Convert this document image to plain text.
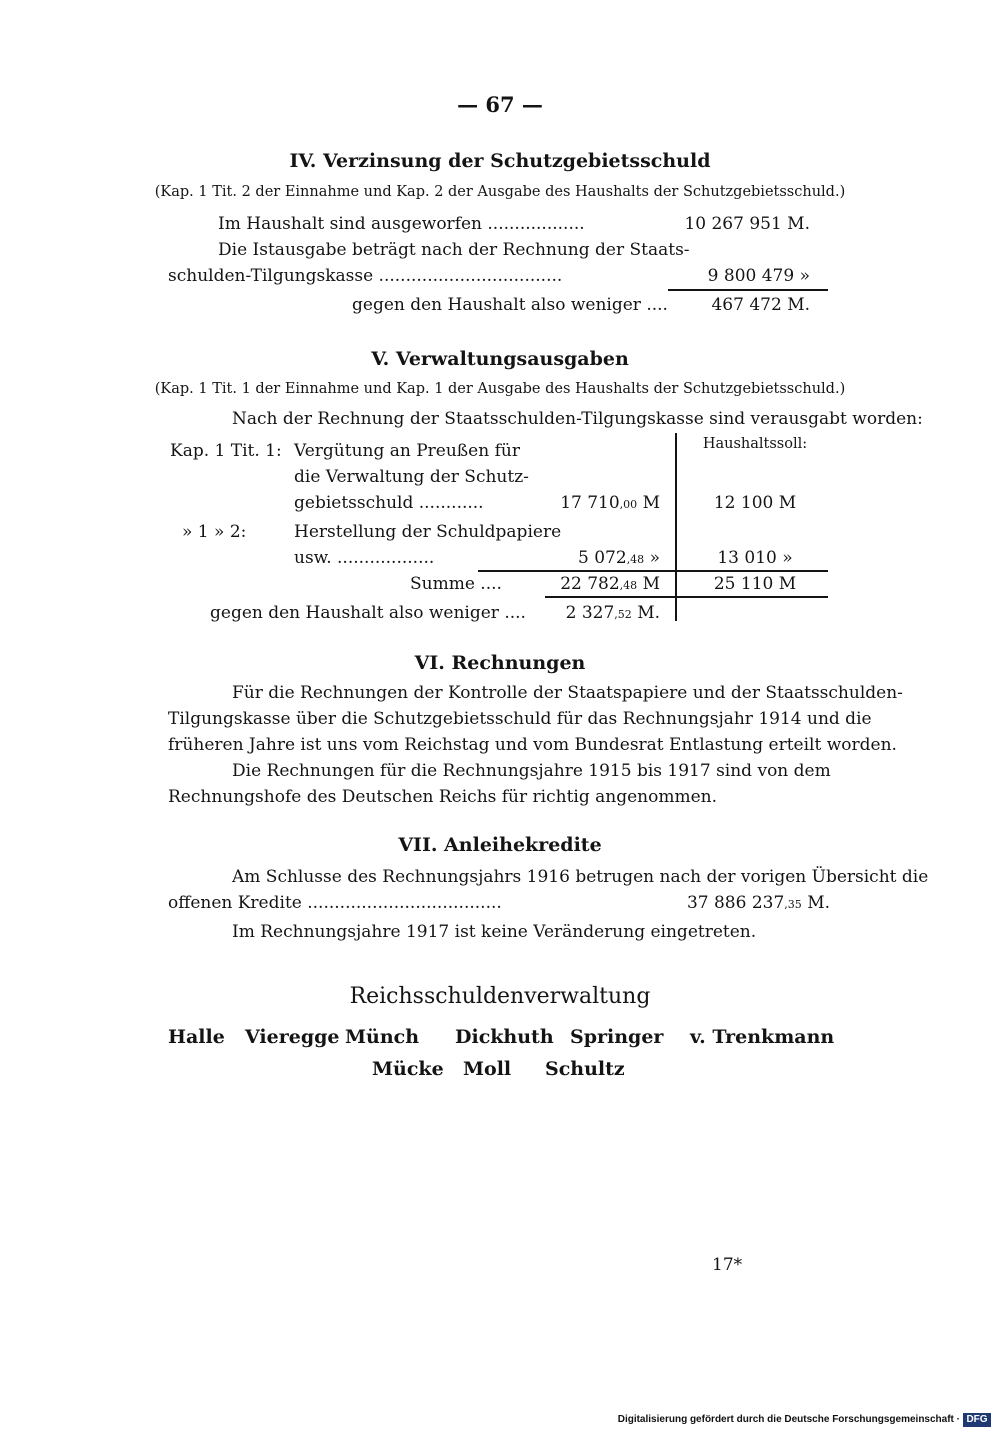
— 67 —
IV. Verzinsung der Schutzgebietsschuld
(Kap. 1 Tit. 2 der Einnahme und Kap. 2 der Ausgabe des Haushalts der Schutzgebietsschuld.)
Im Haushalt sind ausgeworfen ..................	10 267 951 M.
Die Istausgabe beträgt nach der Rechnung der Staats-
schulden-Tilgungskasse ..................................	9 800 479 »
gegen den Haushalt also weniger ....	467 472 M.
V. Verwaltungsausgaben
(Kap. 1 Tit. 1 der Einnahme und Kap. 1 der Ausgabe des Haushalts der Schutzgebietsschuld.)
Nach der Rechnung der Staatsschulden-Tilgungskasse sind verausgabt worden:
Haushaltssoll:
Kap. 1 Tit. 1: Vergütung an Preußen für
die Verwaltung der Schutz-
gebietsschuld ............	17 710,00 M	12 100 M
» 1 » 2:	Herstellung der Schuldpapiere
usw. ..................	5 072,48 »	13 010 »
Summe ....	22 782,48 M	25 110 M
gegen den Haushalt also weniger ....	2 327,52 M.
VI. Rechnungen
Für die Rechnungen der Kontrolle der Staatspapiere und der Staatsschulden-
Tilgungskasse über die Schutzgebietsschuld für das Rechnungsjahr 1914 und die
früheren Jahre ist uns vom Reichstag und vom Bundesrat Entlastung erteilt worden.
Die Rechnungen für die Rechnungsjahre 1915 bis 1917 sind von dem
Rechnungshofe des Deutschen Reichs für richtig angenommen.
VII. Anleihekredite
Am Schlusse des Rechnungsjahrs 1916 betrugen nach der vorigen Übersicht die
offenen Kredite ....................................	37 886 237,35 M.
Im Rechnungsjahre 1917 ist keine Veränderung eingetreten.
Reichsschuldenverwaltung
Halle Vieregge Münch Dickhuth Springer v. Trenkmann
Mücke Moll Schultz
17*
Digitalisierung gefördert durch die Deutsche Forschungsgemeinschaft · DFG
